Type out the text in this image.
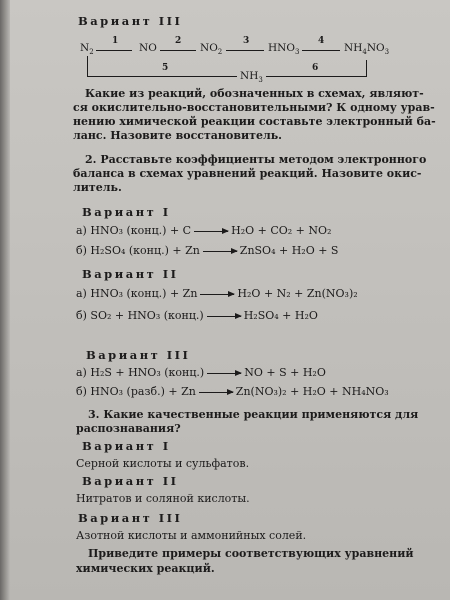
Вариант III
$N_2$
1
NO
2
$NO_2$
3
$HNO_3$
4
$NH_4NO_3$
5
$NH_3$
6
Какие из реакций, обозначенных в схемах, являют-
ся окислительно-восстановительными? К одному урав-
нению химической реакции составьте электронный ба-
ланс. Назовите восстановитель.
2. Расставьте коэффициенты методом электронного
баланса в схемах уравнений реакций. Назовите окис-
литель.
Вариант I
а) HNO₃ (конц.) + C	H₂O + CO₂ + NO₂
б) H₂SO₄ (конц.) + Zn	ZnSO₄ + H₂O + S
Вариант II
а) HNO₃ (конц.) + Zn	H₂O + N₂ + Zn(NO₃)₂
б) SO₂ + HNO₃ (конц.)	H₂SO₄ + H₂O
Вариант III
а) H₂S + HNO₃ (конц.)	NO + S + H₂O
б) HNO₃ (разб.) + Zn	Zn(NO₃)₂ + H₂O + NH₄NO₃
3. Какие качественные реакции применяются для
распознавания?
Вариант I
Серной кислоты и сульфатов.
Вариант II
Нитратов и соляной кислоты.
Вариант III
Азотной кислоты и аммонийных солей.
Приведите примеры соответствующих уравнений
химических реакций.
